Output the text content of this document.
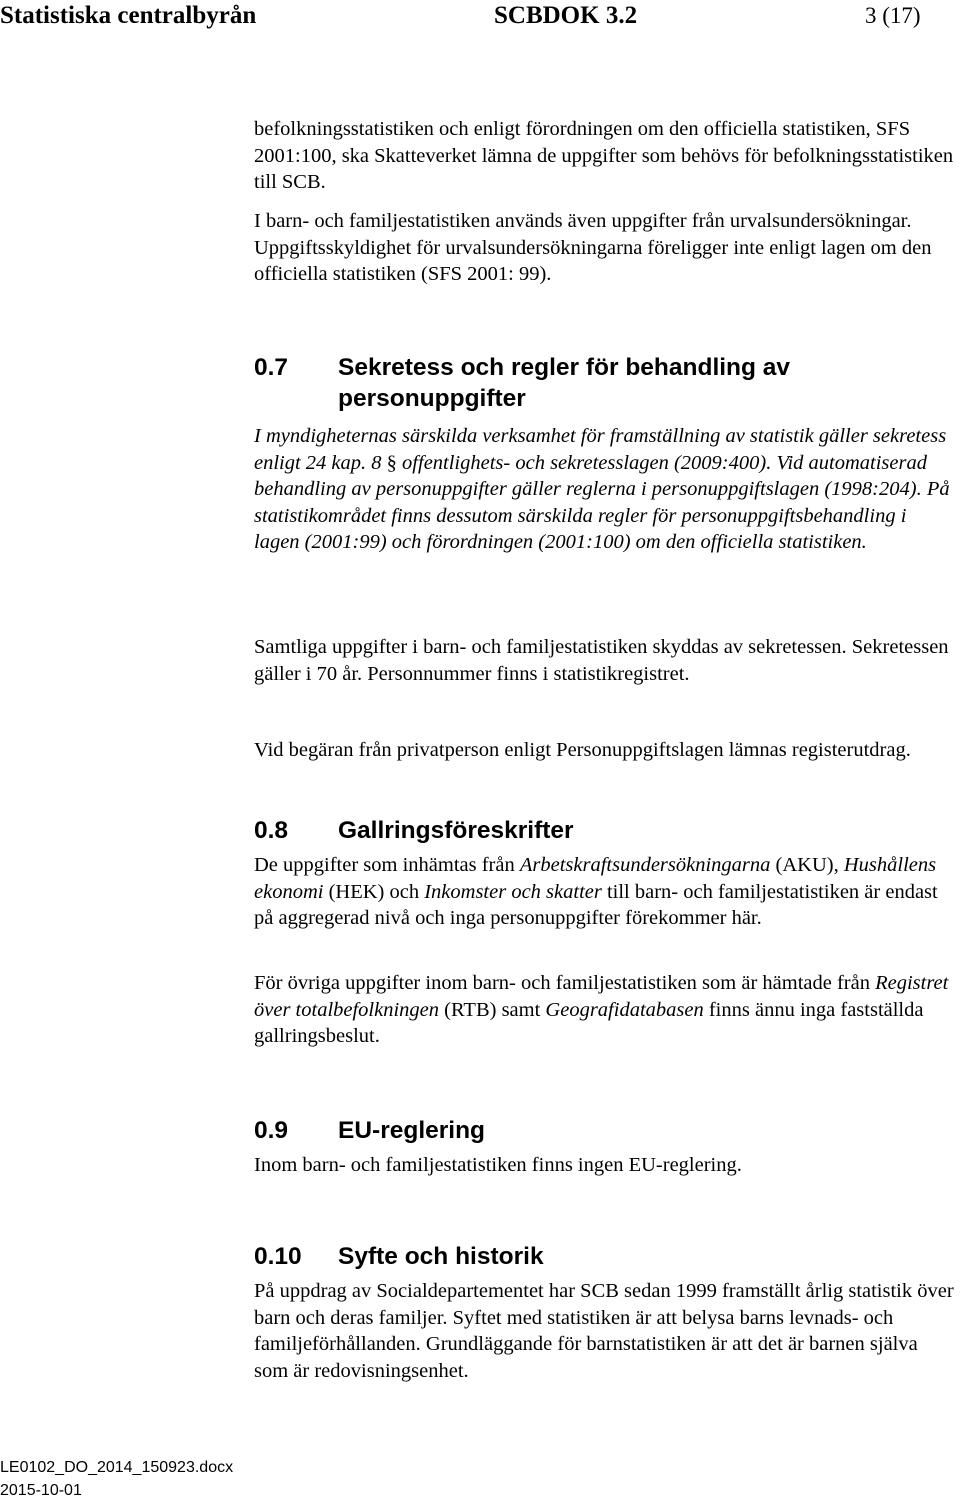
Statistiska centralbyrån	SCBDOK 3.2	3 (17)

befolkningsstatistiken och enligt förordningen om den officiella statistiken, SFS 2001:100, ska Skatteverket lämna de uppgifter som behövs för befolkningsstatistiken till SCB.

I barn- och familjestatistiken används även uppgifter från urvalsundersökningar. Uppgiftsskyldighet för urvalsundersökningarna föreligger inte enligt lagen om den officiella statistiken (SFS 2001: 99).

0.7 Sekretess och regler för behandling av
personuppgifter

I myndigheternas särskilda verksamhet för framställning av statistik gäller sekretess enligt 24 kap. 8 § offentlighets- och sekretesslagen (2009:400). Vid automatiserad behandling av personuppgifter gäller reglerna i personuppgiftslagen (1998:204). På statistikområdet finns dessutom särskilda regler för personuppgiftsbehandling i lagen (2001:99) och förordningen (2001:100) om den officiella statistiken.

Samtliga uppgifter i barn- och familjestatistiken skyddas av sekretessen. Sekretessen gäller i 70 år. Personnummer finns i statistikregistret.

Vid begäran från privatperson enligt Personuppgiftslagen lämnas registerutdrag.

0.8 Gallringsföreskrifter

De uppgifter som inhämtas från Arbetskraftsundersökningarna (AKU), Hushållens ekonomi (HEK) och Inkomster och skatter till barn- och familjestatistiken är endast på aggregerad nivå och inga personuppgifter förekommer här.

För övriga uppgifter inom barn- och familjestatistiken som är hämtade från Registret över totalbefolkningen (RTB) samt Geografidatabasen finns ännu inga fastställda gallringsbeslut.

0.9 EU-reglering

Inom barn- och familjestatistiken finns ingen EU-reglering.

0.10 Syfte och historik

På uppdrag av Socialdepartementet har SCB sedan 1999 framställt årlig statistik över barn och deras familjer. Syftet med statistiken är att belysa barns levnads- och familjeförhållanden. Grundläggande för barnstatistiken är att det är barnen själva som är redovisningsenhet.

LE0102_DO_2014_150923.docx
2015-10-01
